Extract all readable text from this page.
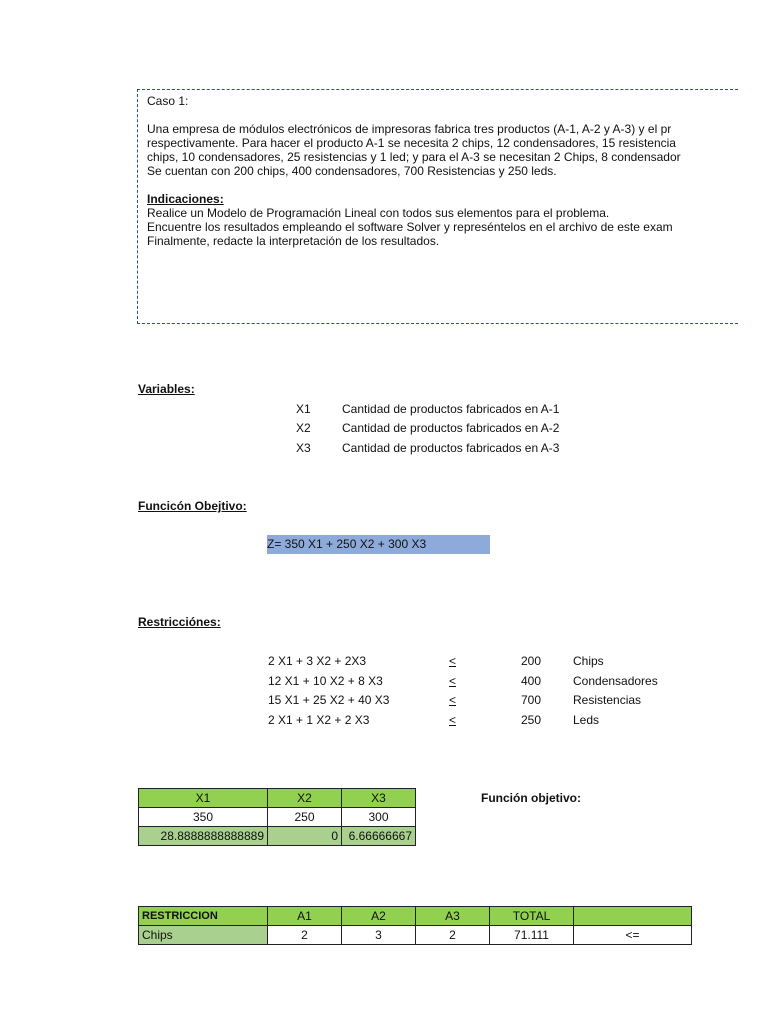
Caso 1:

Una empresa de módulos electrónicos de impresoras fabrica tres productos (A-1, A-2 y A-3) y el pr

respectivamente. Para hacer el producto A-1 se necesita 2 chips, 12 condensadores, 15 resistencia

chips, 10 condensadores, 25 resistencias y 1 led; y para el A-3 se necesitan 2 Chips, 8 condensador

Se cuentan con 200 chips, 400 condensadores, 700 Resistencias y 250 leds.

Indicaciones:

Realice un Modelo de Programación Lineal con todos sus elementos para el problema.

Encuentre los resultados empleando el software Solver y represéntelos en el archivo de este exam

Finalmente, redacte la interpretación de los resultados.

Variables:
X1	Cantidad de productos fabricados en A-1
X2	Cantidad de productos fabricados en A-2
X3	Cantidad de productos fabricados en A-3
Funcicón Obejtivo:
Z= 350 X1 + 250 X2 + 300 X3
Restricciónes:
2 X1 + 3 X2 + 2X3	<	200	Chips
12 X1 + 10 X2 + 8 X3	<	400	Condensadores
15 X1 + 25 X2 + 40 X3	<	700	Resistencias
2 X1 + 1 X2 + 2 X3	<	250	Leds
X1	X2	X3
350	250	300
28.8888888888889	0	6.66666667
Función objetivo:
RESTRICCION	A1	A2	A3	TOTAL	
Chips	2	3	2	71.111	<=
